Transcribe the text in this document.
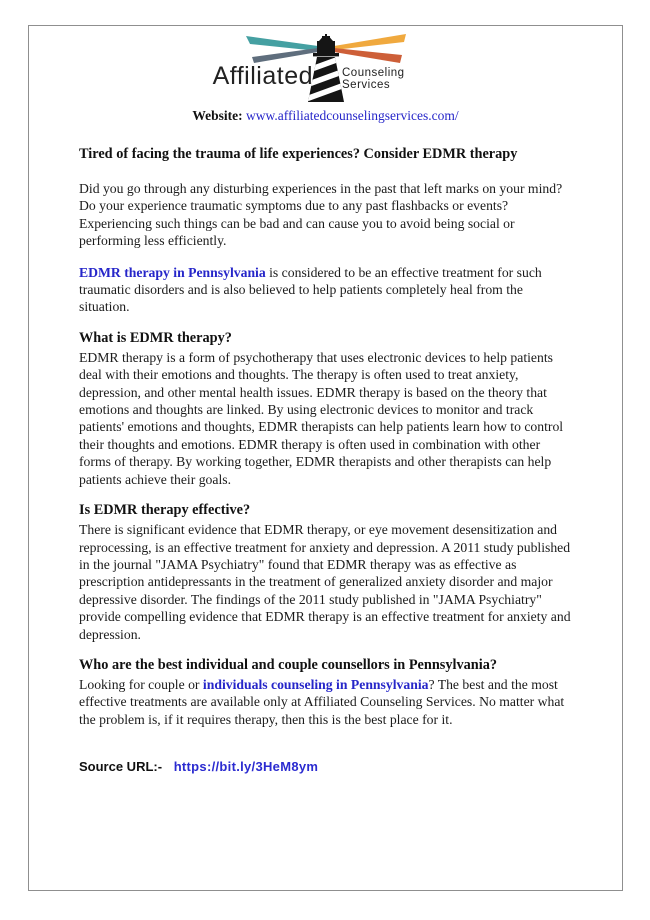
Affiliated	Counseling
Services
Website: www.affiliatedcounselingservices.com/
Tired of facing the trauma of life experiences? Consider EDMR therapy

Did you go through any disturbing experiences in the past that left marks on your mind? Do your experience traumatic symptoms due to any past flashbacks or events? Experiencing such things can be bad and can cause you to avoid being social or performing less efficiently.

EDMR therapy in Pennsylvania is considered to be an effective treatment for such traumatic disorders and is also believed to help patients completely heal from the situation.

What is EDMR therapy?

EDMR therapy is a form of psychotherapy that uses electronic devices to help patients deal with their emotions and thoughts. The therapy is often used to treat anxiety, depression, and other mental health issues. EDMR therapy is based on the theory that emotions and thoughts are linked. By using electronic devices to monitor and track patients' emotions and thoughts, EDMR therapists can help patients learn how to control their thoughts and emotions. EDMR therapy is often used in combination with other forms of therapy. By working together, EDMR therapists and other therapists can help patients achieve their goals.

Is EDMR therapy effective?

There is significant evidence that EDMR therapy, or eye movement desensitization and reprocessing, is an effective treatment for anxiety and depression. A 2011 study published in the journal "JAMA Psychiatry" found that EDMR therapy was as effective as prescription antidepressants in the treatment of generalized anxiety disorder and major depressive disorder. The findings of the 2011 study published in "JAMA Psychiatry" provide compelling evidence that EDMR therapy is an effective treatment for anxiety and depression.

Who are the best individual and couple counsellors in Pennsylvania?

Looking for couple or individuals counseling in Pennsylvania? The best and the most effective treatments are available only at Affiliated Counseling Services. No matter what the problem is, if it requires therapy, then this is the best place for it.

Source URL:- https://bit.ly/3HeM8ym
